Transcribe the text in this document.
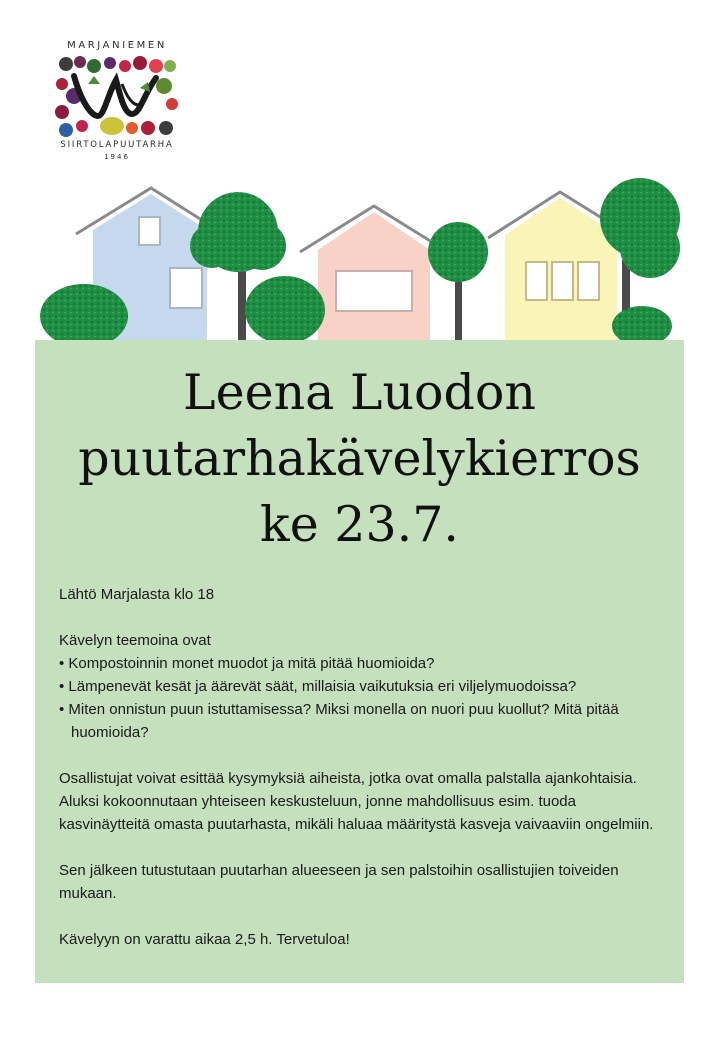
MARJANIEMEN
SIIRTOLAPUUTARHA
1946
Leena Luodon
puutarhakävelykierros
ke 23.7.

Lähtö Marjalasta klo 18

Kävelyn teemoina ovat

• Kompostoinnin monet muodot ja mitä pitää huomioida?
• Lämpenevät kesät ja äärevät säät, millaisia vaikutuksia eri viljelymuodoissa?
• Miten onnistun puun istuttamisessa? Miksi monella on nuori puu kuollut? Mitä pitää huomioida?

Osallistujat voivat esittää kysymyksiä aiheista, jotka ovat omalla palstalla ajankohtaisia. Aluksi kokoonnutaan yhteiseen keskusteluun, jonne mahdollisuus esim. tuoda kasvinäytteitä omasta puutarhasta, mikäli haluaa määritystä kasveja vaivaaviin ongelmiin.

Sen jälkeen tutustutaan puutarhan alueeseen ja sen palstoihin osallistujien toiveiden mukaan.

Kävelyyn on varattu aikaa 2,5 h. Tervetuloa!
